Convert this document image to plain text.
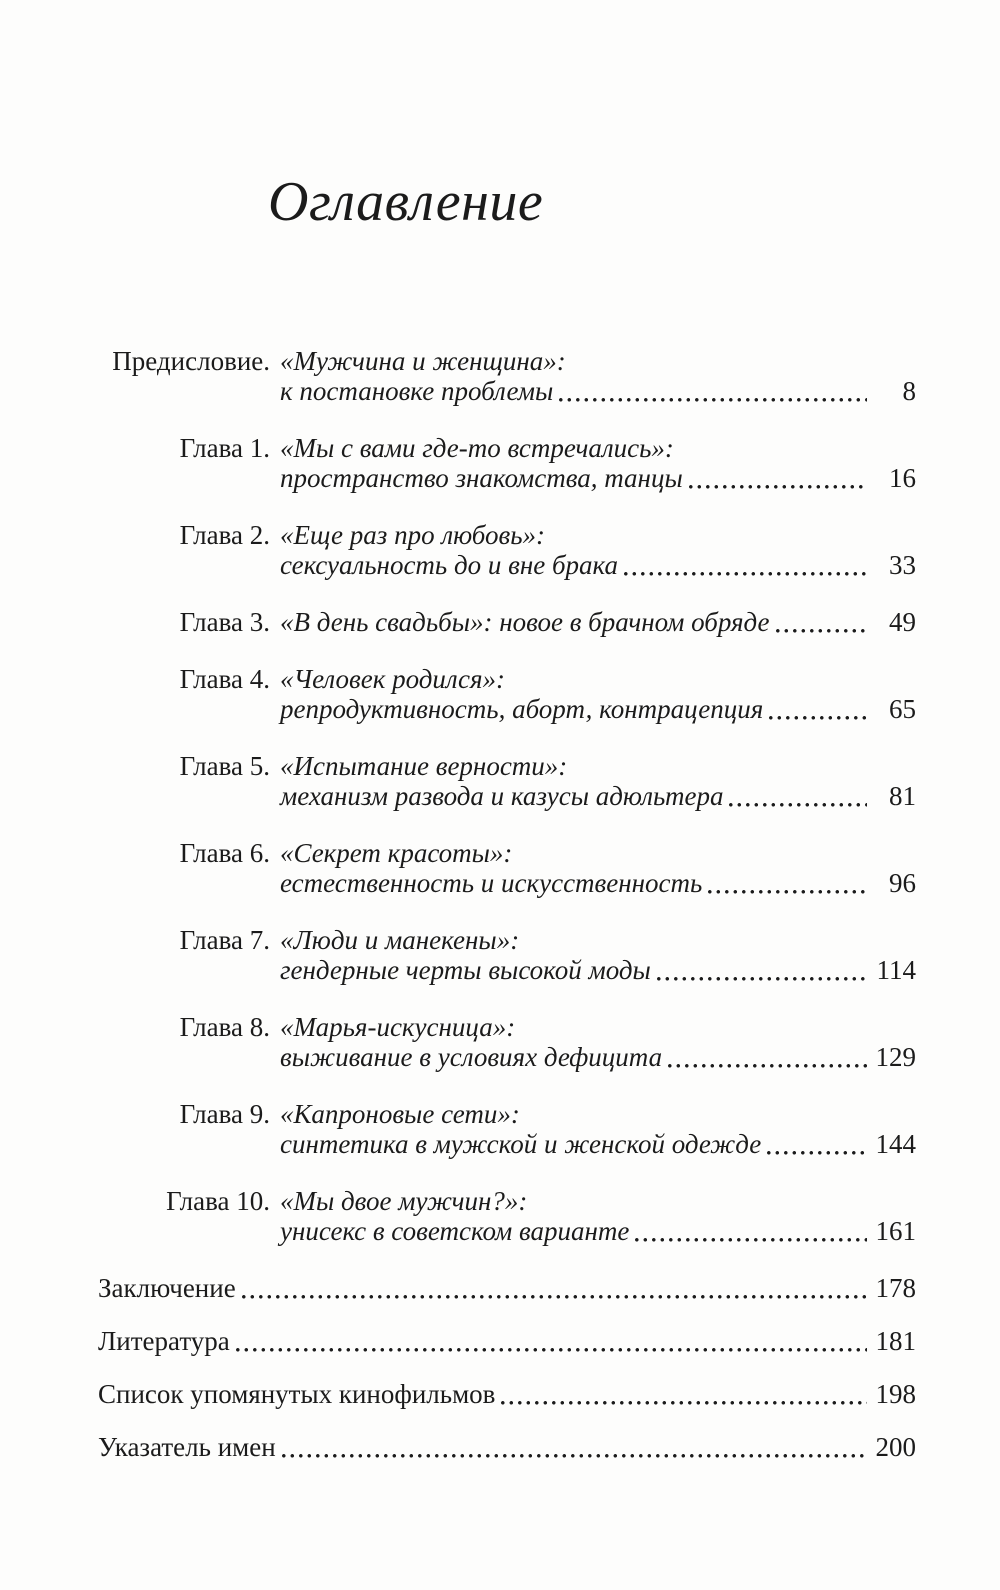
Оглавление
Предисловие. «Мужчина и женщина»:
к постановке проблемы	8
Глава 1. «Мы с вами где-то встречались»:
пространство знакомства, танцы	16
Глава 2. «Еще раз про любовь»:
сексуальность до и вне брака	33
Глава 3. «В день свадьбы»: новое в брачном обряде	49
Глава 4. «Человек родился»:
репродуктивность, аборт, контрацепция	65
Глава 5. «Испытание верности»:
механизм развода и казусы адюльтера	81
Глава 6. «Секрет красоты»:
естественность и искусственность	96
Глава 7. «Люди и манекены»:
гендерные черты высокой моды	114
Глава 8. «Марья-искусница»:
выживание в условиях дефицита	129
Глава 9. «Капроновые сети»:
синтетика в мужской и женской одежде	144
Глава 10. «Мы двое мужчин?»:
унисекс в советском варианте	161
Заключение	178
Литература	181
Список упомянутых кинофильмов	198
Указатель имен	200
